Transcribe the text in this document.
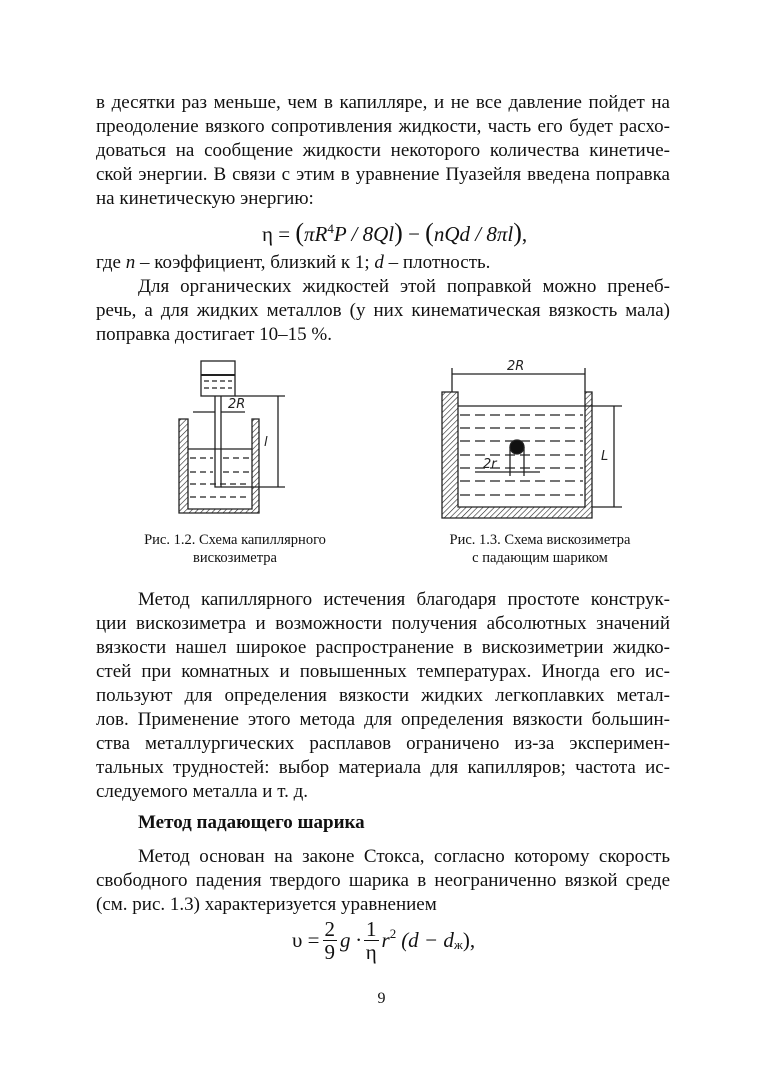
в десятки раз меньше, чем в капилляре, и не все давление пойдет на
преодоление вязкого сопротивления жидкости, часть его будет расхо-
доваться на сообщение жидкости некоторого количества кинетиче-
ской энергии. В связи с этим в уравнение Пуазейля введена поправка
на кинетическую энергию:
$\eta = (\pi R^4P / 8Ql) - (nQd / 8\pi l)$,
где n – коэффициент, близкий к 1; d – плотность.
Для органических жидкостей этой поправкой можно пренеб-
речь, а для жидких металлов (у них кинематическая вязкость мала)
поправка достигает 10–15 %.
2R
l
2R
2r
L
Рис. 1.2. Схема капиллярного
вискозиметра
Рис. 1.3. Схема вискозиметра
с падающим шариком
Метод капиллярного истечения благодаря простоте конструк-
ции вискозиметра и возможности получения абсолютных значений
вязкости нашел широкое распространение в вискозиметрии жидко-
стей при комнатных и повышенных температурах. Иногда его ис-
пользуют для определения вязкости жидких легкоплавких метал-
лов. Применение этого метода для определения вязкости большин-
ства металлургических расплавов ограничено из-за эксперимен-
тальных трудностей: выбор материала для капилляров; частота ис-
следуемого металла и т. д.
Метод падающего шарика
Метод основан на законе Стокса, согласно которому скорость
свободного падения твердого шарика в неограниченно вязкой среде
(см. рис. 1.3) характеризуется уравнением
$\upsilon = \frac{2}{9}$ g · 1
η $r^2$ ($d - d_ж$ ),
9
